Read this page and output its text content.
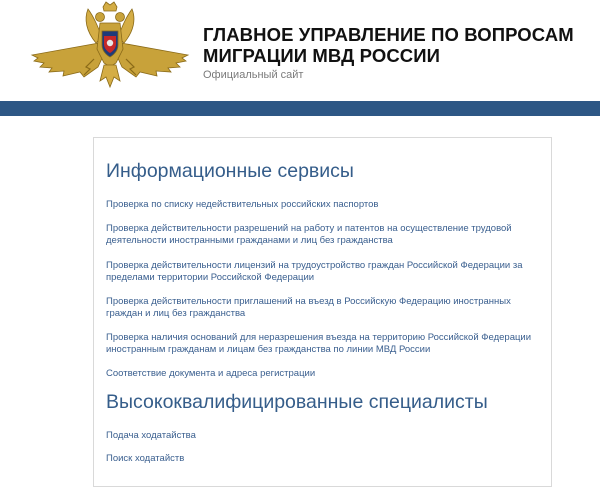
ГЛАВНОЕ УПРАВЛЕНИЕ ПО ВОПРОСАМ
МИГРАЦИИ МВД РОССИИ

Официальный сайт

Информационные сервисы
Проверка по списку недействительных российских паспортов
Проверка действительности разрешений на работу и патентов на осуществление трудовой деятельности иностранными гражданами и лиц без гражданства
Проверка действительности лицензий на трудоустройство граждан Российской Федерации за пределами территории Российской Федерации
Проверка действительности приглашений на въезд в Российскую Федерацию иностранных граждан и лиц без гражданства
Проверка наличия оснований для неразрешения въезда на территорию Российской Федерации иностранным гражданам и лицам без гражданства по линии МВД России
Соответствие документа и адреса регистрации
Высококвалифицированные специалисты
Подача ходатайства
Поиск ходатайств
